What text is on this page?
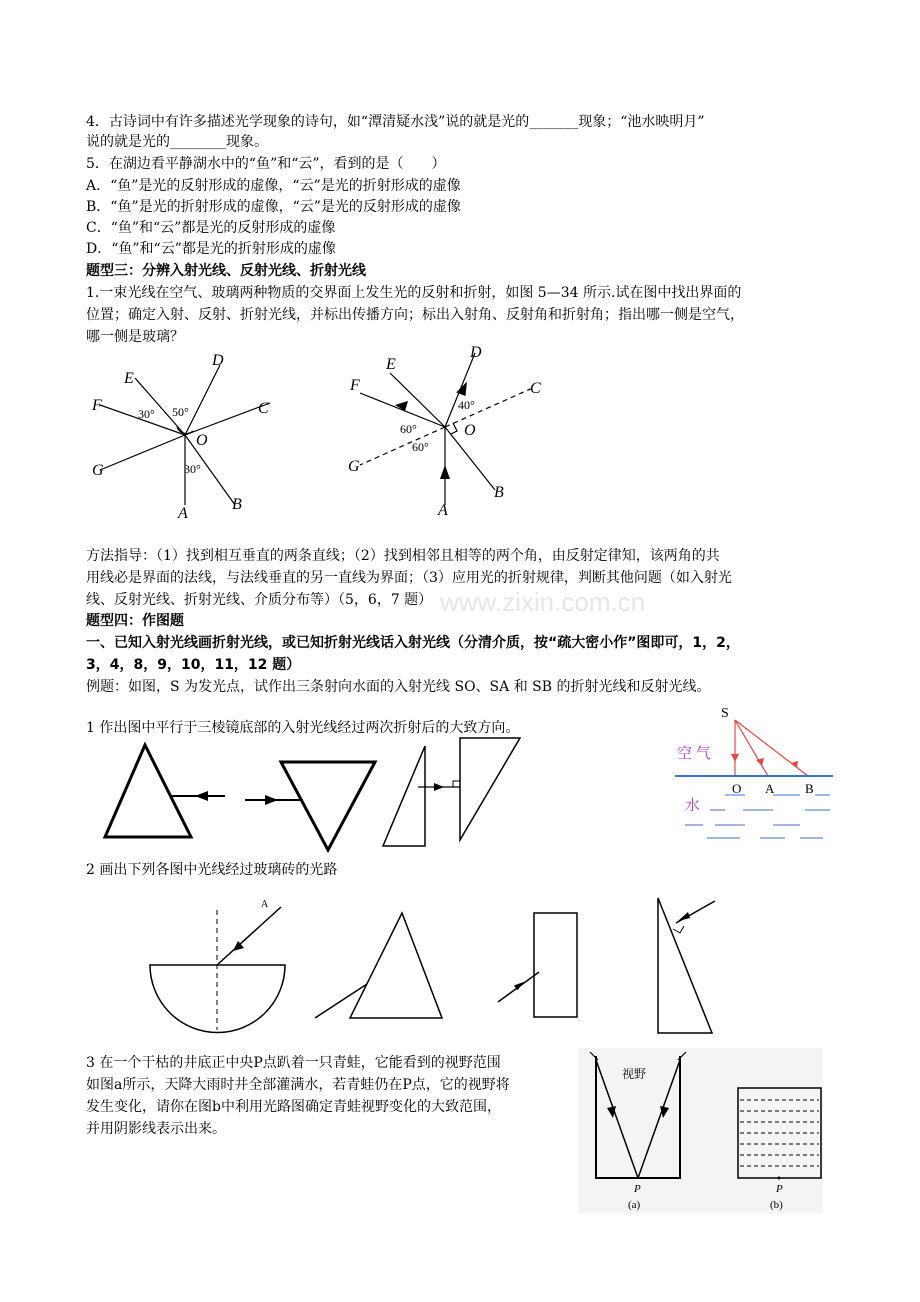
4．古诗词中有许多描述光学现象的诗句，如“潭清疑水浅”说的就是光的_______现象；“池水映明月”
说的就是光的________现象。
5．在湖边看平静湖水中的“鱼”和“云”，看到的是（　　）
A．“鱼”是光的反射形成的虚像，“云”是光的折射形成的虚像
B．“鱼”是光的折射形成的虚像，“云”是光的反射形成的虚像
C．“鱼”和“云”都是光的反射形成的虚像
D．“鱼”和“云”都是光的折射形成的虚像
题型三：分辨入射光线、反射光线、折射光线
1.一束光线在空气、玻璃两种物质的交界面上发生光的反射和折射，如图 5—34 所示.试在图中找出界面的
位置；确定入射、反射、折射光线，并标出传播方向；标出入射角、反射角和折射角；指出哪一侧是空气，
哪一侧是玻璃？
D
E
F	C
G
O
A
B
30° 50°
30°
D
E
F	C
G
O
A
B
40°
60°
60°
方法指导：（1）找到相互垂直的两条直线；（2）找到相邻且相等的两个角，由反射定律知，该两角的共
用线必是界面的法线，与法线垂直的另一直线为界面；（3）应用光的折射规律，判断其他问题（如入射光
线、反射光线、折射光线、介质分布等）（5，6，7 题） www.zixin.com.cn
题型四：作图题
一、已知入射光线画折射光线，或已知折射光线话入射光线（分清介质，按“疏大密小作”图即可，1，2，
3，4，8，9，10，11，12 题）
例题：如图，S 为发光点，试作出三条射向水面的入射光线 SO、SA 和 SB 的折射光线和反射光线。
1 作出图中平行于三棱镜底部的入射光线经过两次折射后的大致方向。
S
空 气
水
O A B
2 画出下列各图中光线经过玻璃砖的光路
A
3 在一个干枯的井底正中央P点趴着一只青蛙，它能看到的视野范围
如图a所示，天降大雨时井全部灌满水，若青蛙仍在P点，它的视野将
发生变化，请你在图b中利用光路图确定青蛙视野变化的大致范围，
并用阴影线表示出来。
视野
P
(a)
P
(b)
